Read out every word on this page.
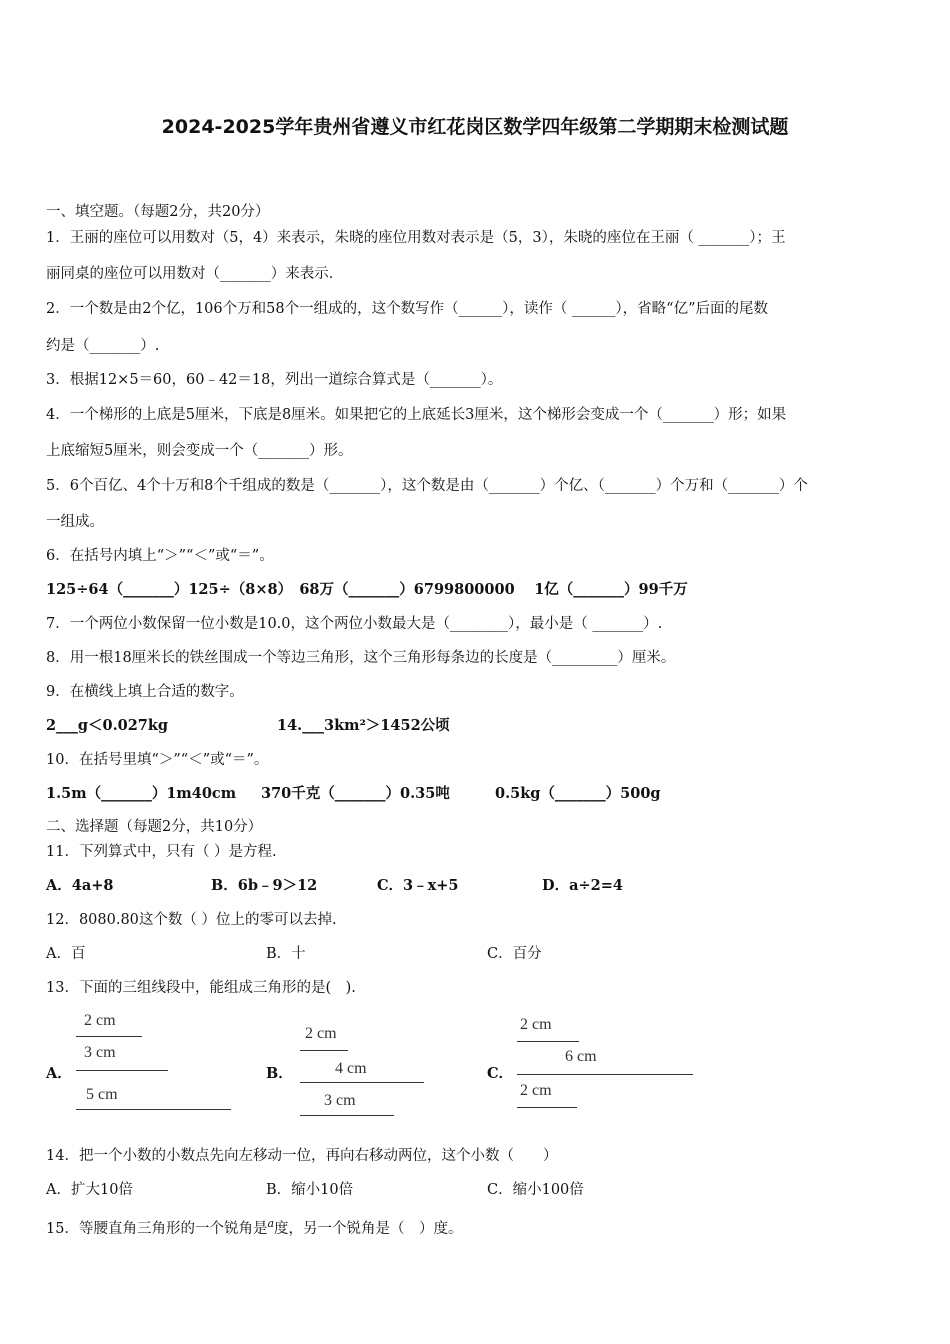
2024-2025学年贵州省遵义市红花岗区数学四年级第二学期期末检测试题
一、填空题。（每题2分，共20分）
1．王丽的座位可以用数对（5，4）来表示，朱晓的座位用数对表示是（5，3），朱晓的座位在王丽（ _______）；王
丽同桌的座位可以用数对（_______）来表示．
2．一个数是由2个亿，106个万和58个一组成的，这个数写作（______），读作（ ______），省略“亿”后面的尾数
约是（_______）.
3．根据12×5＝60，60﹣42＝18，列出一道综合算式是（_______）。
4．一个梯形的上底是5厘米，下底是8厘米。如果把它的上底延长3厘米，这个梯形会变成一个（_______）形；如果
上底缩短5厘米，则会变成一个（_______）形。
5．6个百亿、4个十万和8个千组成的数是（_______），这个数是由（_______）个亿、（_______）个万和（_______）个
一组成。
6．在括号内填上“＞”“＜”或“＝”。
125÷64（_______）125÷（8×8）　68万（_______）6799800000　 1亿（_______）99千万
7．一个两位小数保留一位小数是10.0，这个两位小数最大是（________），最小是（ _______）.
8．用一根18厘米长的铁丝围成一个等边三角形，这个三角形每条边的长度是（_________）厘米。
9．在横线上填上合适的数字。
2___g＜0.027kg	14.___3km²＞1452公顷
10．在括号里填“＞”“＜”或“＝”。
1.5m（_______）1m40cm 370千克（_______）0.35吨	0.5kg（_______）500g
二、选择题（每题2分，共10分）
11．下列算式中，只有（ ）是方程.
A．4a+8	B．6b﹣9＞12	C．3﹣x+5	D．a÷2=4
12．8080.80这个数（ ）位上的零可以去掉.
A．百	B．十	C．百分
13．下面的三组线段中，能组成三角形的是(　).
A．
2 cm
3 cm
5 cm
B．
2 cm
4 cm
3 cm
C．
2 cm
6 cm
2 cm
14．把一个小数的小数点先向左移动一位，再向右移动两位，这个小数（　　）
A．扩大10倍	B．缩小10倍	C．缩小100倍
15．等腰直角三角形的一个锐角是$^a$度，另一个锐角是（　）度。
